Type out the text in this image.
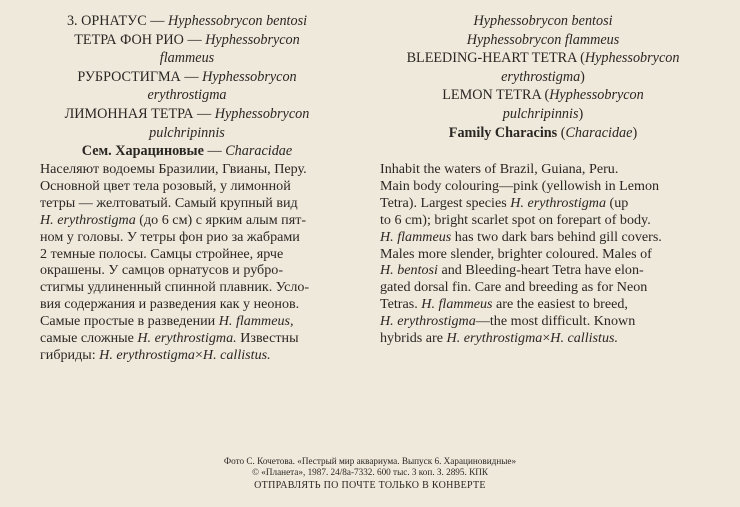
3. ОРНАТУС — Hyphessobrycon bentosi
ТЕТРА ФОН РИО — Hyphessobrycon
flammeus
РУБРОСТИГМА — Hyphessobrycon
erythrostigma
ЛИМОННАЯ ТЕТРА — Hyphessobrycon
pulchripinnis
Сем. Харациновые — Characidae
Hyphessobrycon bentosi
Hyphessobrycon flammeus
BLEEDING-HEART TETRA (Hyphessobrycon
erythrostigma)
LEMON TETRA (Hyphessobrycon
pulchripinnis)
Family Characins (Characidae)
Населяют водоемы Бразилии, Гвианы, Перу.
Основной цвет тела розовый, у лимонной
тетры — желтоватый. Самый крупный вид
H. erythrostigma (до 6 см) с ярким алым пят-
ном у головы. У тетры фон рио за жабрами
2 темные полосы. Самцы стройнее, ярче
окрашены. У самцов орнатусов и рубро-
стигмы удлиненный спинной плавник. Усло-
вия содержания и разведения как у неонов.
Самые простые в разведении H. flammeus,
самые сложные H. erythrostigma. Известны
гибриды: H. erythrostigma×H. callistus.
Inhabit the waters of Brazil, Guiana, Peru.
Main body colouring—pink (yellowish in Lemon
Tetra). Largest species H. erythrostigma (up
to 6 cm); bright scarlet spot on forepart of body.
H. flammeus has two dark bars behind gill covers.
Males more slender, brighter coloured. Males of
H. bentosi and Bleeding-heart Tetra have elon-
gated dorsal fin. Care and breeding as for Neon
Tetras. H. flammeus are the easiest to breed,
H. erythrostigma—the most difficult. Known
hybrids are H. erythrostigma×H. callistus.
Фото С. Кочетова. «Пестрый мир аквариума. Выпуск 6. Харациновидные»
© «Планета», 1987. 24/8а-7332. 600 тыс. 3 коп. З. 2895. КПК
ОТПРАВЛЯТЬ ПО ПОЧТЕ ТОЛЬКО В КОНВЕРТЕ
